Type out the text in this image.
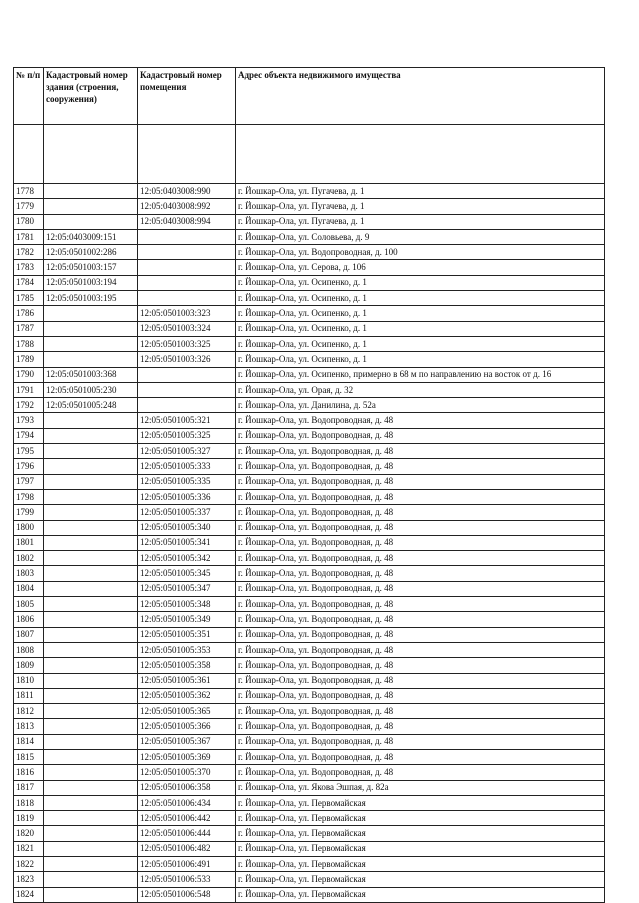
№ п/п	Кадастровый номер здания (строения, сооружения)	Кадастровый номер помещения	Адрес объекта недвижимого имущества

1778		12:05:0403008:990	г. Йошкар-Ола, ул. Пугачева, д. 1
1779		12:05:0403008:992	г. Йошкар-Ола, ул. Пугачева, д. 1
1780		12:05:0403008:994	г. Йошкар-Ола, ул. Пугачева, д. 1
1781	12:05:0403009:151		г. Йошкар-Ола, ул. Соловьева, д. 9
1782	12:05:0501002:286		г. Йошкар-Ола, ул. Водопроводная, д. 100
1783	12:05:0501003:157		г. Йошкар-Ола, ул. Серова, д. 106
1784	12:05:0501003:194		г. Йошкар-Ола, ул. Осипенко, д. 1
1785	12:05:0501003:195		г. Йошкар-Ола, ул. Осипенко, д. 1
1786		12:05:0501003:323	г. Йошкар-Ола, ул. Осипенко, д. 1
1787		12:05:0501003:324	г. Йошкар-Ола, ул. Осипенко, д. 1
1788		12:05:0501003:325	г. Йошкар-Ола, ул. Осипенко, д. 1
1789		12:05:0501003:326	г. Йошкар-Ола, ул. Осипенко, д. 1
1790	12:05:0501003:368		г. Йошкар-Ола, ул. Осипенко, примерно в 68 м по направлению на восток от д. 16
1791	12:05:0501005:230		г. Йошкар-Ола, ул. Орая, д. 32
1792	12:05:0501005:248		г. Йошкар-Ола, ул. Данилина, д. 52а
1793		12:05:0501005:321	г. Йошкар-Ола, ул. Водопроводная, д. 48
1794		12:05:0501005:325	г. Йошкар-Ола, ул. Водопроводная, д. 48
1795		12:05:0501005:327	г. Йошкар-Ола, ул. Водопроводная, д. 48
1796		12:05:0501005:333	г. Йошкар-Ола, ул. Водопроводная, д. 48
1797		12:05:0501005:335	г. Йошкар-Ола, ул. Водопроводная, д. 48
1798		12:05:0501005:336	г. Йошкар-Ола, ул. Водопроводная, д. 48
1799		12:05:0501005:337	г. Йошкар-Ола, ул. Водопроводная, д. 48
1800		12:05:0501005:340	г. Йошкар-Ола, ул. Водопроводная, д. 48
1801		12:05:0501005:341	г. Йошкар-Ола, ул. Водопроводная, д. 48
1802		12:05:0501005:342	г. Йошкар-Ола, ул. Водопроводная, д. 48
1803		12:05:0501005:345	г. Йошкар-Ола, ул. Водопроводная, д. 48
1804		12:05:0501005:347	г. Йошкар-Ола, ул. Водопроводная, д. 48
1805		12:05:0501005:348	г. Йошкар-Ола, ул. Водопроводная, д. 48
1806		12:05:0501005:349	г. Йошкар-Ола, ул. Водопроводная, д. 48
1807		12:05:0501005:351	г. Йошкар-Ола, ул. Водопроводная, д. 48
1808		12:05:0501005:353	г. Йошкар-Ола, ул. Водопроводная, д. 48
1809		12:05:0501005:358	г. Йошкар-Ола, ул. Водопроводная, д. 48
1810		12:05:0501005:361	г. Йошкар-Ола, ул. Водопроводная, д. 48
1811		12:05:0501005:362	г. Йошкар-Ола, ул. Водопроводная, д. 48
1812		12:05:0501005:365	г. Йошкар-Ола, ул. Водопроводная, д. 48
1813		12:05:0501005:366	г. Йошкар-Ола, ул. Водопроводная, д. 48
1814		12:05:0501005:367	г. Йошкар-Ола, ул. Водопроводная, д. 48
1815		12:05:0501005:369	г. Йошкар-Ола, ул. Водопроводная, д. 48
1816		12:05:0501005:370	г. Йошкар-Ола, ул. Водопроводная, д. 48
1817		12:05:0501006:358	г. Йошкар-Ола, ул. Якова Эшпая, д. 82а
1818		12:05:0501006:434	г. Йошкар-Ола, ул. Первомайская
1819		12:05:0501006:442	г. Йошкар-Ола, ул. Первомайская
1820		12:05:0501006:444	г. Йошкар-Ола, ул. Первомайская
1821		12:05:0501006:482	г. Йошкар-Ола, ул. Первомайская
1822		12:05:0501006:491	г. Йошкар-Ола, ул. Первомайская
1823		12:05:0501006:533	г. Йошкар-Ола, ул. Первомайская
1824		12:05:0501006:548	г. Йошкар-Ола, ул. Первомайская
